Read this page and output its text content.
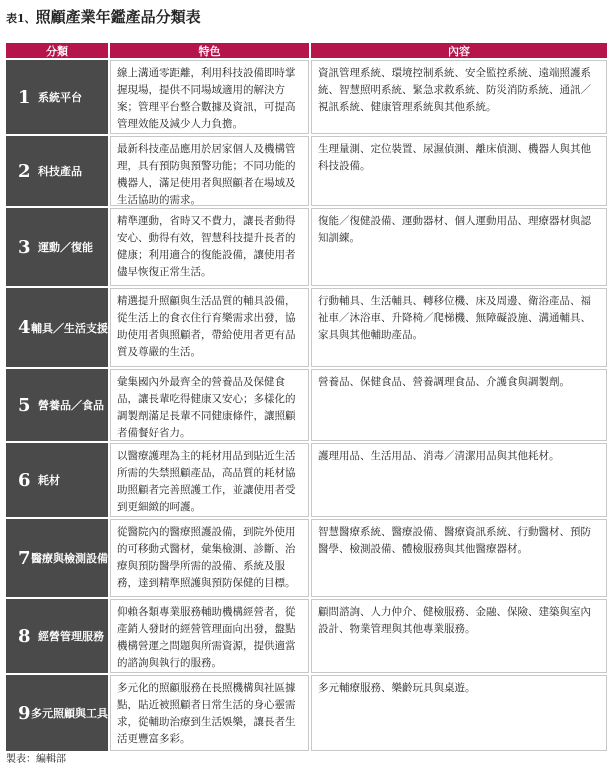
表1、照顧產業年鑑產品分類表
分類	特色	內容
1 系統平台
線上溝通零距離，利用科技設備即時掌握現場，提供不同場域適用的解決方案；管理平台整合數據及資訊，可提高管理效能及減少人力負擔。
資訊管理系統、環境控制系統、安全監控系統、遠端照護系統、智慧照明系統、緊急求救系統、防災消防系統、通訊／視訊系統、健康管理系統與其他系統。
2 科技產品
最新科技產品應用於居家個人及機構管理，具有預防與預警功能；不同功能的機器人，滿足使用者與照顧者在場域及生活協助的需求。
生理量測、定位裝置、尿濕偵測、離床偵測、機器人與其他科技設備。
3 運動／復能
精準運動，省時又不費力，讓長者動得安心、動得有效，智慧科技提升長者的健康；利用適合的復能設備，讓使用者儘早恢復正常生活。
復能／復健設備、運動器材、個人運動用品、理療器材與認知訓練。
4 輔具／生活支援
精選提升照顧與生活品質的輔具設備，從生活上的食衣住行育樂需求出發，協助使用者與照顧者，帶給使用者更有品質及尊嚴的生活。
行動輔具、生活輔具、轉移位機、床及周邊、衛浴產品、福祉車／沐浴車、升降椅／爬梯機、無障礙設施、溝通輔具、家具與其他輔助產品。
5 營養品／食品
彙集國內外最齊全的營養品及保健食品，讓長輩吃得健康又安心；多樣化的調製劑滿足長輩不同健康條件，讓照顧者備餐好省力。
營養品、保健食品、營養調理食品、介護食與調製劑。
6 耗材
以醫療護理為主的耗材用品到貼近生活所需的失禁照顧產品，高品質的耗材協助照顧者完善照護工作，並讓使用者受到更細緻的呵護。
護理用品、生活用品、消毒／清潔用品與其他耗材。
7 醫療與檢測設備
從醫院內的醫療照護設備，到院外使用的可移動式醫材，彙集檢測、診斷、治療與預防醫學所需的設備、系統及服務，達到精準照護與預防保健的目標。
智慧醫療系統、醫療設備、醫療資訊系統、行動醫材、預防醫學、檢測設備、體檢服務與其他醫療器材。
8 經營管理服務
仰賴各類專業服務輔助機構經營者，從產銷人發財的經營管理面向出發，盤點機構營運之問題與所需資源，提供適當的諮詢與執行的服務。
顧問諮詢、人力仲介、健檢服務、金融、保險、建築與室內設計、物業管理與其他專業服務。
9 多元照顧與工具
多元化的照顧服務在長照機構與社區據點，貼近被照顧者日常生活的身心靈需求，從輔助治療到生活娛樂，讓長者生活更豐富多彩。
多元輔療服務、樂齡玩具與桌遊。
製表：編輯部
